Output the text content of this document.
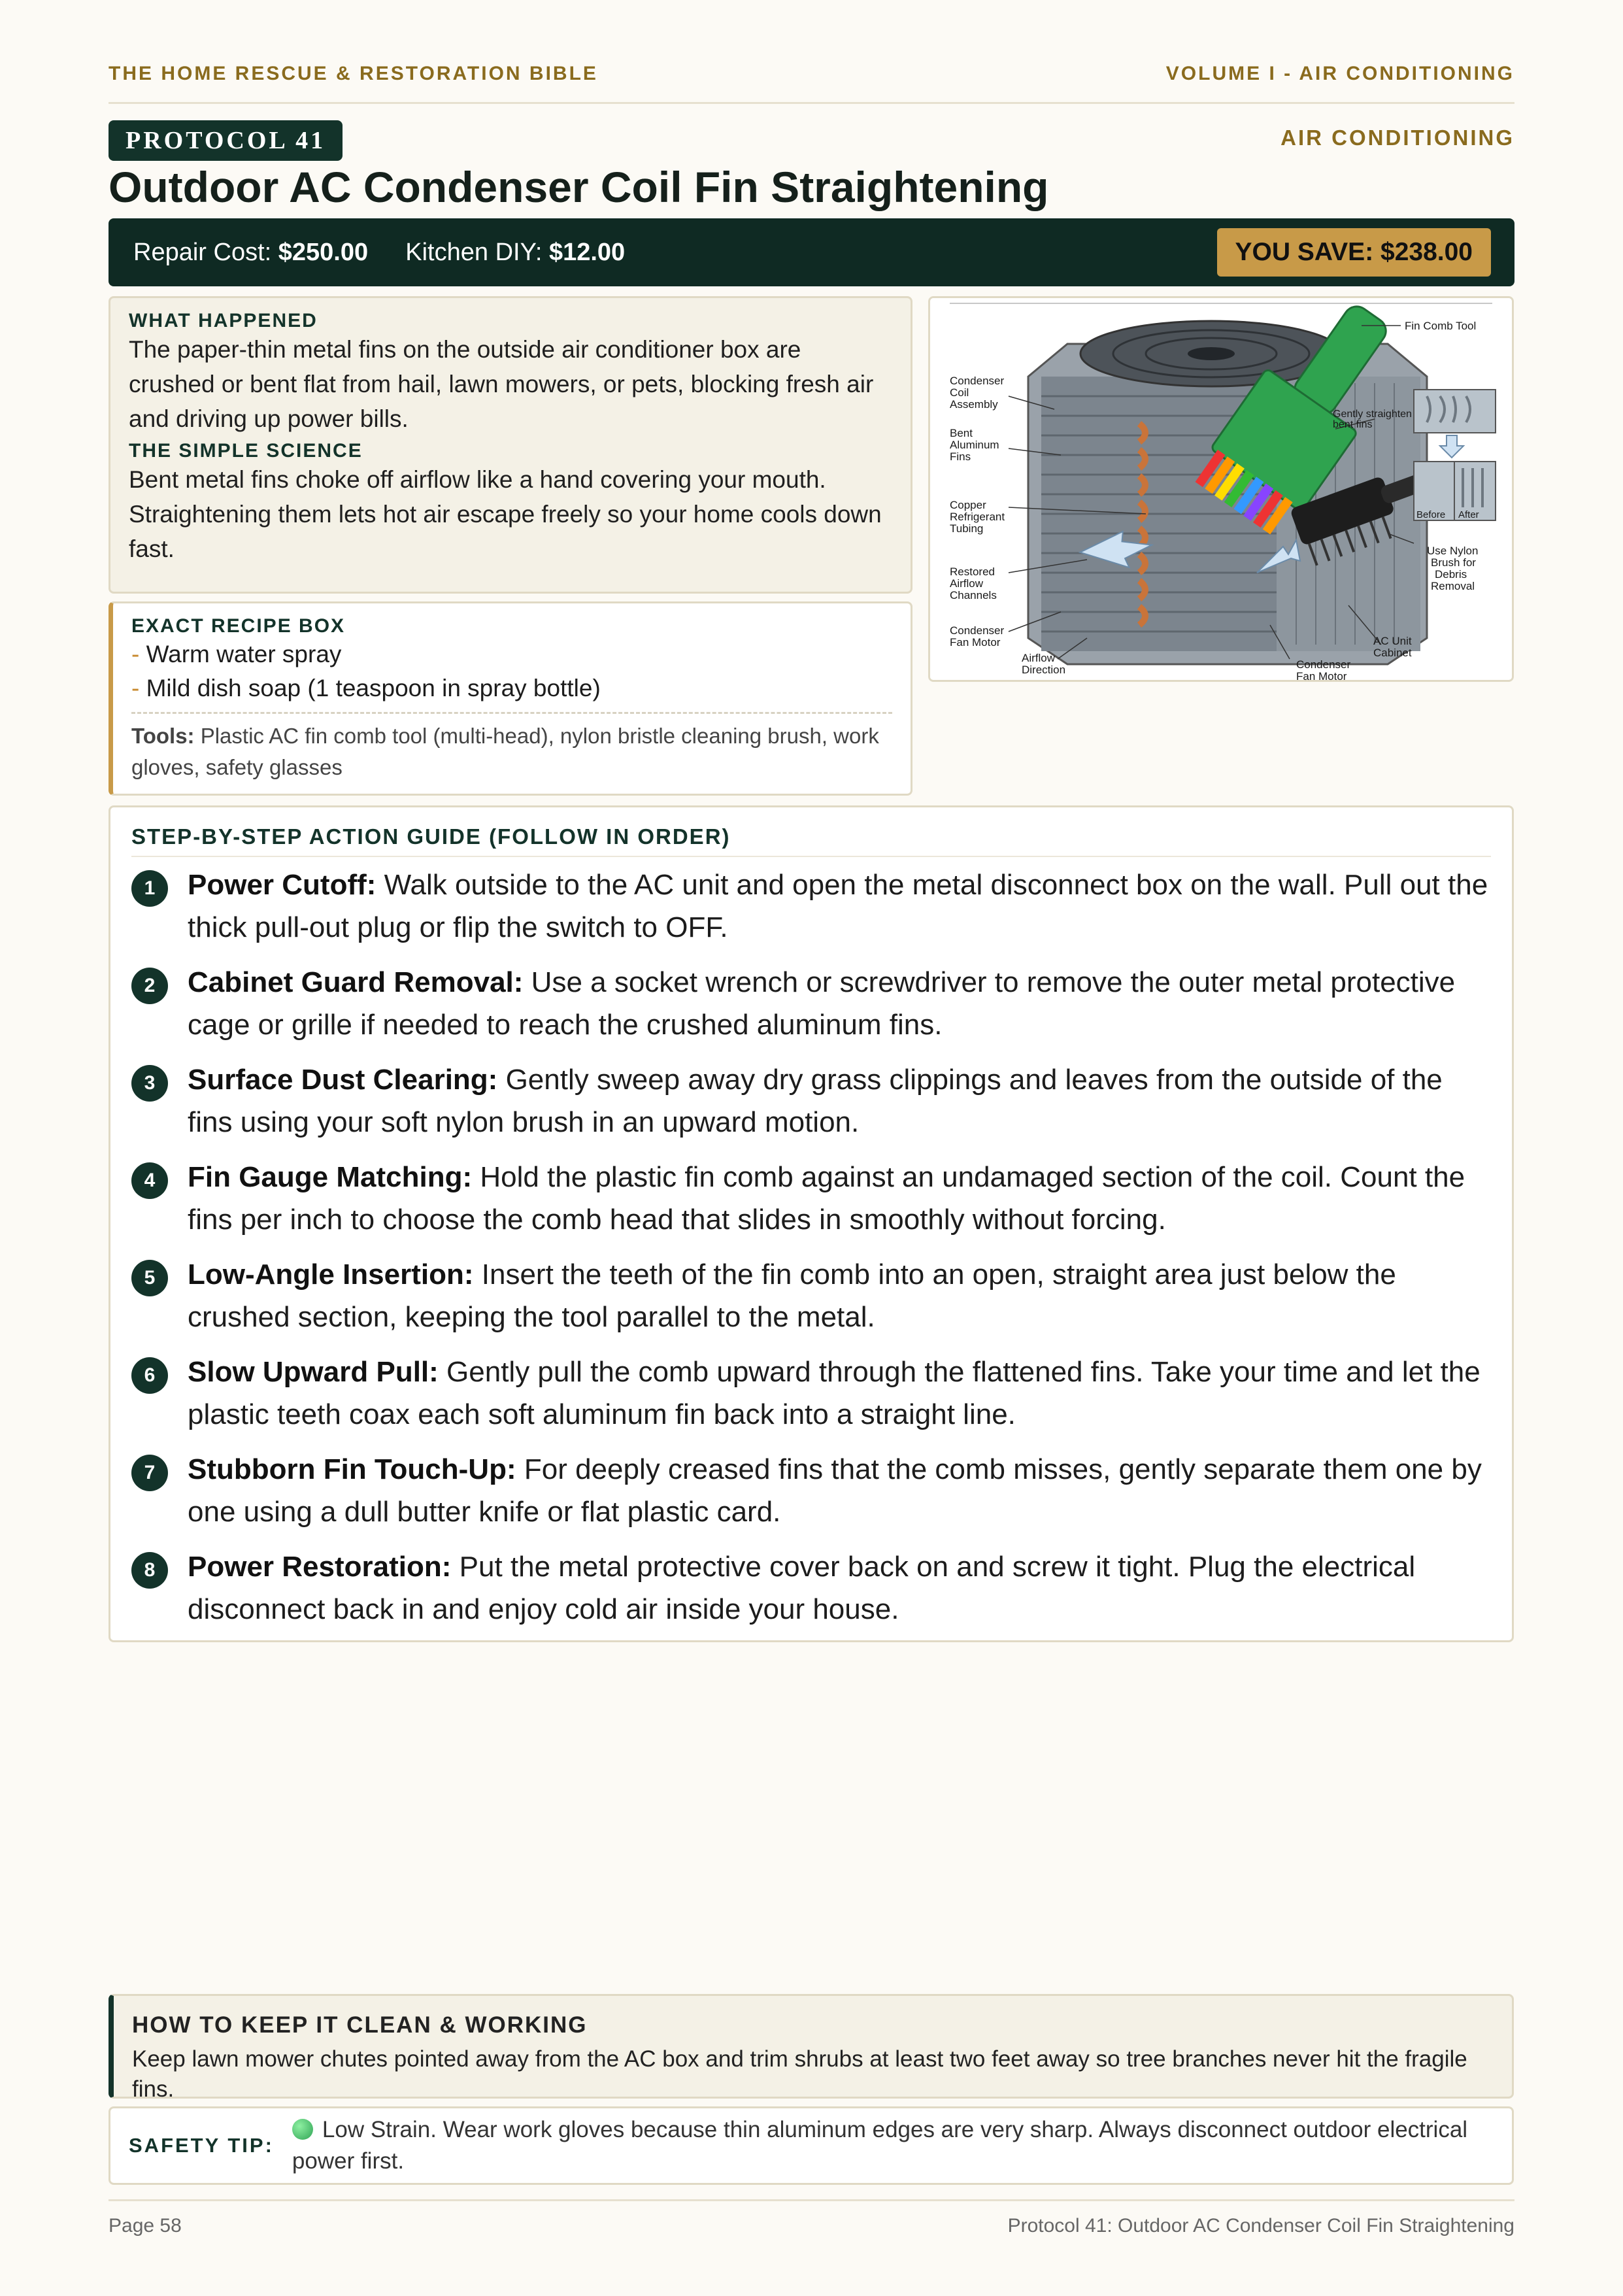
THE HOME RESCUE & RESTORATION BIBLE	VOLUME I - AIR CONDITIONING
PROTOCOL 41	AIR CONDITIONING
Outdoor AC Condenser Coil Fin Straightening
Repair Cost: $250.00 Kitchen DIY: $12.00	YOU SAVE: $238.00

WHAT HAPPENED

The paper-thin metal fins on the outside air conditioner box are crushed or bent flat from hail, lawn mowers, or pets, blocking fresh air and driving up power bills.

THE SIMPLE SCIENCE

Bent metal fins choke off airflow like a hand covering your mouth. Straightening them lets hot air escape freely so your home cools down fast.

EXACT RECIPE BOX

- Warm water spray
- Mild dish soap (1 teaspoon in spray bottle)
Tools: Plastic AC fin comb tool (multi-head), nylon bristle cleaning brush, work gloves, safety glasses
Fin Comb Tool
Condenser
Coil
Assembly
Bent
Aluminum
Fins
Gently straighten
bent fins
Copper
Refrigerant
Tubing
Before After
Use Nylon
Brush for
Debris
Removal
Restored
Airflow
Channels
Condenser
Fan Motor
Airflow
Direction
AC Unit
Cabinet
Condenser
Fan Motor

STEP-BY-STEP ACTION GUIDE (FOLLOW IN ORDER)

1	Power Cutoff: Walk outside to the AC unit and open the metal disconnect box on the wall. Pull out the thick pull-out plug or flip the switch to OFF.
2	Cabinet Guard Removal: Use a socket wrench or screwdriver to remove the outer metal protective cage or grille if needed to reach the crushed aluminum fins.
3	Surface Dust Clearing: Gently sweep away dry grass clippings and leaves from the outside of the fins using your soft nylon brush in an upward motion.
4	Fin Gauge Matching: Hold the plastic fin comb against an undamaged section of the coil. Count the fins per inch to choose the comb head that slides in smoothly without forcing.
5	Low-Angle Insertion: Insert the teeth of the fin comb into an open, straight area just below the crushed section, keeping the tool parallel to the metal.
6	Slow Upward Pull: Gently pull the comb upward through the flattened fins. Take your time and let the plastic teeth coax each soft aluminum fin back into a straight line.
7	Stubborn Fin Touch-Up: For deeply creased fins that the comb misses, gently separate them one by one using a dull butter knife or flat plastic card.
8	Power Restoration: Put the metal protective cover back on and screw it tight. Plug the electrical disconnect back in and enjoy cold air inside your house.

HOW TO KEEP IT CLEAN & WORKING

Keep lawn mower chutes pointed away from the AC box and trim shrubs at least two feet away so tree branches never hit the fragile fins.

SAFETY TIP:
Low Strain. Wear work gloves because thin aluminum edges are very sharp. Always disconnect outdoor electrical power first.
Page 58	Protocol 41: Outdoor AC Condenser Coil Fin Straightening
